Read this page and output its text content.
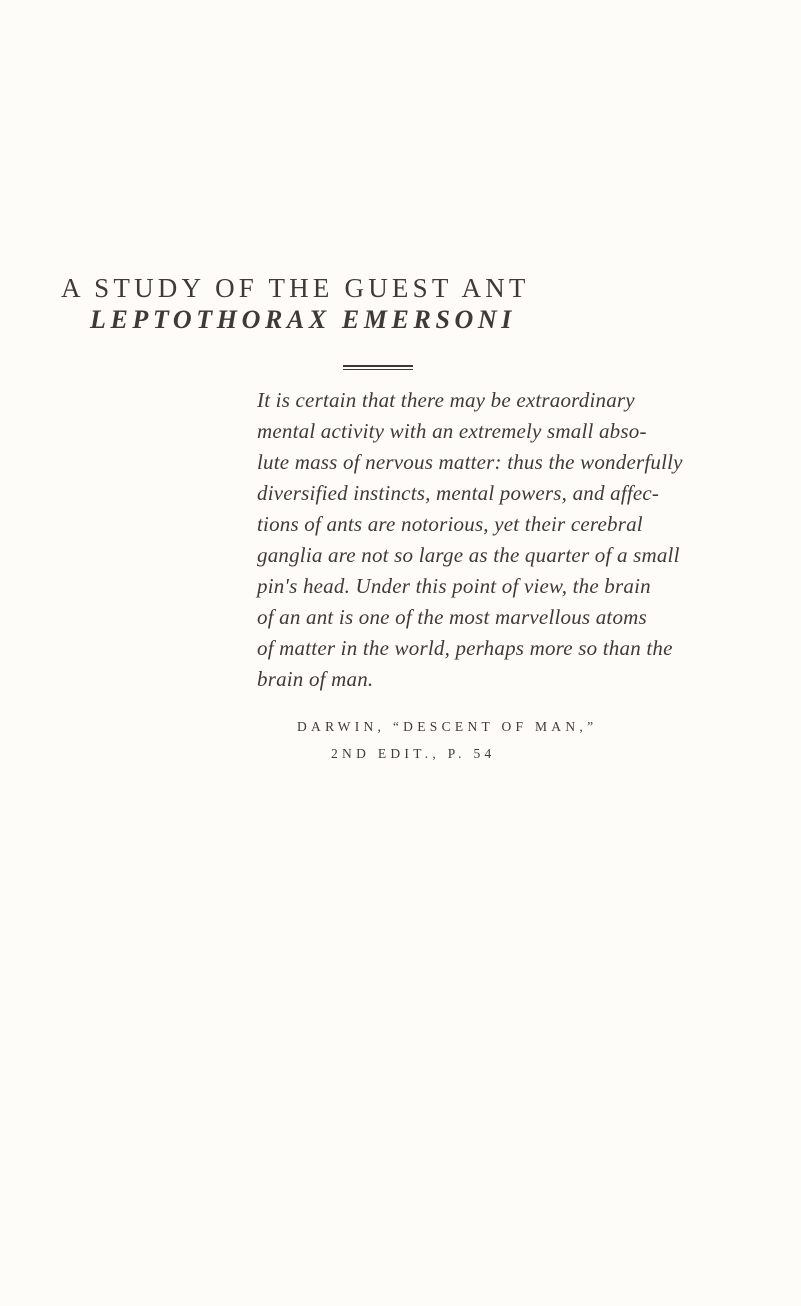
A STUDY OF THE GUEST ANT
LEPTOTHORAX EMERSONI
It is certain that there may be extraordinary
mental activity with an extremely small abso-
lute mass of nervous matter: thus the wonderfully
diversified instincts, mental powers, and affec-
tions of ants are notorious, yet their cerebral
ganglia are not so large as the quarter of a small
pin's head. Under this point of view, the brain
of an ant is one of the most marvellous atoms
of matter in the world, perhaps more so than the
brain of man.
DARWIN, “DESCENT OF MAN,”
2ND EDIT., P. 54
